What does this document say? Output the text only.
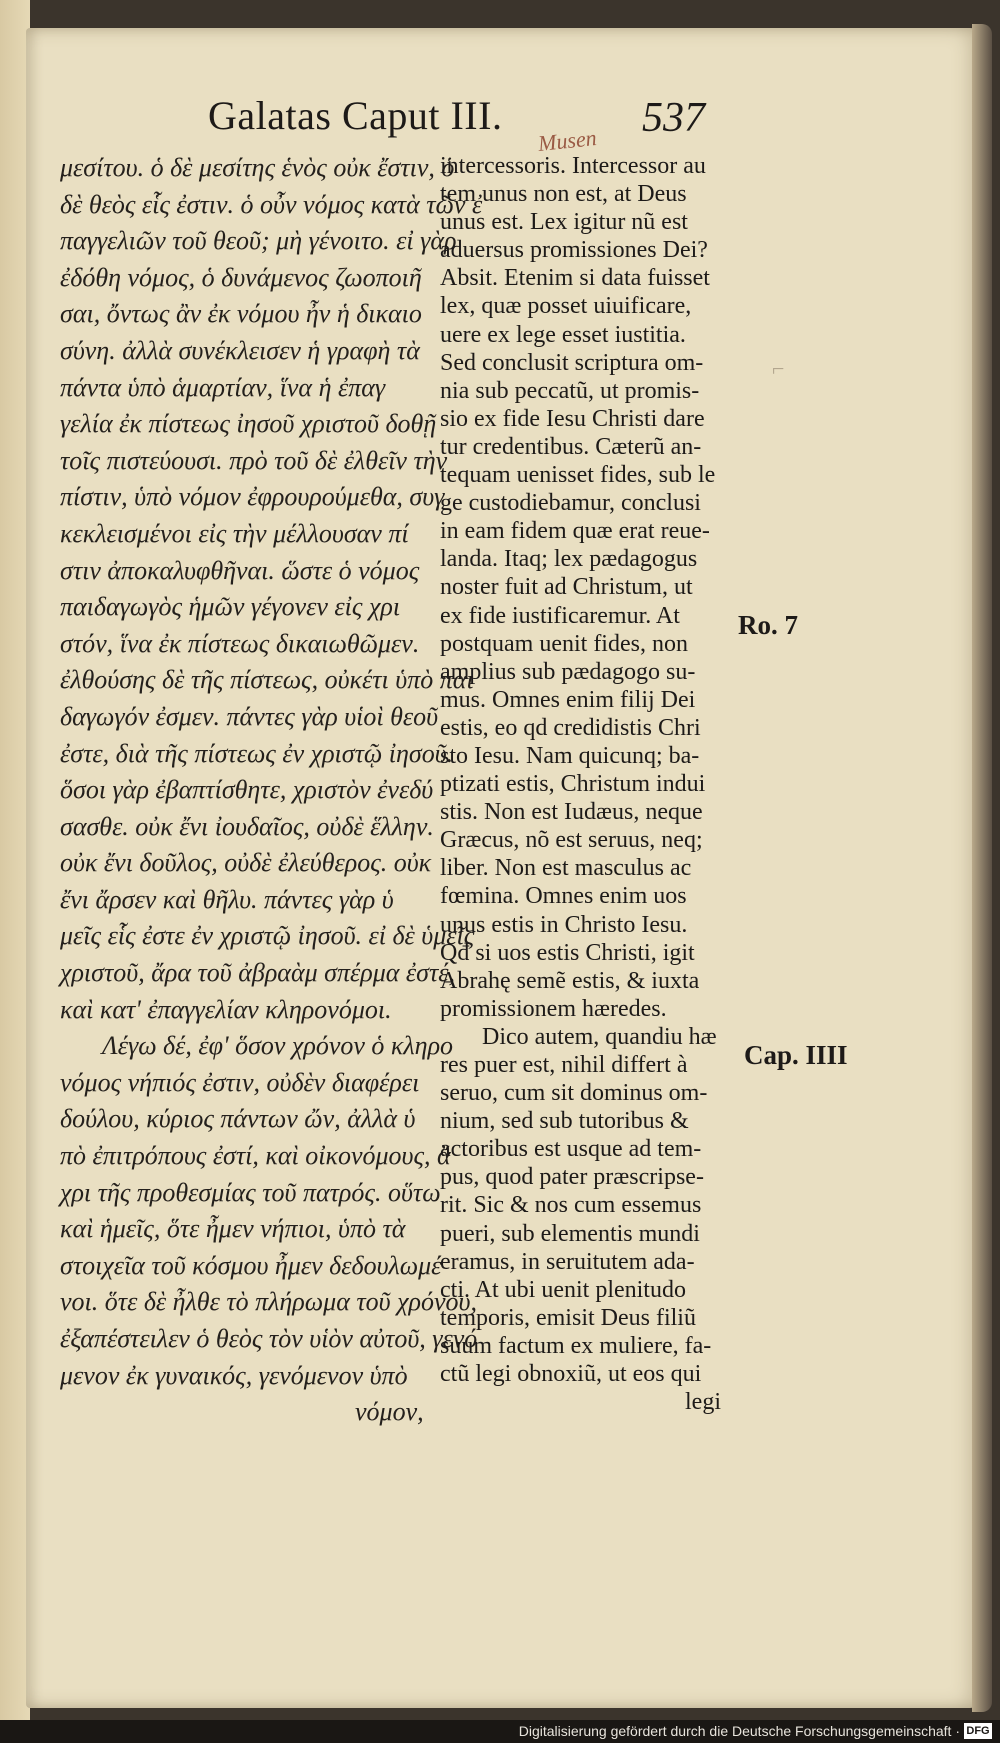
Galatas Caput III.	537
Musen
μεσίτου. ὁ δὲ μεσίτης ἑνὸς οὐκ ἔστιν, ὁ
δὲ θεὸς εἷς ἐστιν. ὁ οὖν νόμος κατὰ τῶν ἐ
παγγελιῶν τοῦ θεοῦ; μὴ γένοιτο. εἰ γὰρ
ἐδόθη νόμος, ὁ δυνάμενος ζωοποιῆ
σαι, ὄντως ἂν ἐκ νόμου ἦν ἡ δικαιο
σύνη. ἀλλὰ συνέκλεισεν ἡ γραφὴ τὰ
πάντα ὑπὸ ἁμαρτίαν, ἵνα ἡ ἐπαγ
γελία ἐκ πίστεως ἰησοῦ χριστοῦ δοθῇ
τοῖς πιστεύουσι. πρὸ τοῦ δὲ ἐλθεῖν τὴν
πίστιν, ὑπὸ νόμον ἐφρουρούμεθα, συγ
κεκλεισμένοι εἰς τὴν μέλλουσαν πί
στιν ἀποκαλυφθῆναι. ὥστε ὁ νόμος
παιδαγωγὸς ἡμῶν γέγονεν εἰς χρι
στόν, ἵνα ἐκ πίστεως δικαιωθῶμεν.
ἐλθούσης δὲ τῆς πίστεως, οὐκέτι ὑπὸ παι
δαγωγόν ἐσμεν. πάντες γὰρ υἱοὶ θεοῦ
ἐστε, διὰ τῆς πίστεως ἐν χριστῷ ἰησοῦ.
ὅσοι γὰρ ἐβαπτίσθητε, χριστὸν ἐνεδύ
σασθε. οὐκ ἔνι ἰουδαῖος, οὐδὲ ἕλλην.
οὐκ ἔνι δοῦλος, οὐδὲ ἐλεύθερος. οὐκ
ἔνι ἄρσεν καὶ θῆλυ. πάντες γὰρ ὑ
μεῖς εἷς ἐστε ἐν χριστῷ ἰησοῦ. εἰ δὲ ὑμεῖς
χριστοῦ, ἄρα τοῦ ἀβραὰμ σπέρμα ἐστέ,
καὶ κατ' ἐπαγγελίαν κληρονόμοι.
Λέγω δέ, ἐφ' ὅσον χρόνον ὁ κληρο
νόμος νήπιός ἐστιν, οὐδὲν διαφέρει
δούλου, κύριος πάντων ὤν, ἀλλὰ ὑ
πὸ ἐπιτρόπους ἐστί, καὶ οἰκονόμους, ἄ
χρι τῆς προθεσμίας τοῦ πατρός. οὕτω
καὶ ἡμεῖς, ὅτε ἦμεν νήπιοι, ὑπὸ τὰ
στοιχεῖα τοῦ κόσμου ἦμεν δεδουλωμέ
νοι. ὅτε δὲ ἦλθε τὸ πλήρωμα τοῦ χρόνου,
ἐξαπέστειλεν ὁ θεὸς τὸν υἱὸν αὐτοῦ, γενό
μενον ἐκ γυναικός, γενόμενον ὑπὸ
νόμον,
intercessoris. Intercessor au
tem unus non est, at Deus
unus est. Lex igitur nũ est
aduersus promissiones Dei?
Absit. Etenim si data fuisset
lex, quæ posset uiuificare,
uere ex lege esset iustitia.
Sed conclusit scriptura om-
nia sub peccatũ, ut promis-
sio ex fide Iesu Christi dare
tur credentibus. Cæterũ an-
tequam uenisset fides, sub le
ge custodiebamur, conclusi
in eam fidem quæ erat reue-
landa. Itaq; lex pædagogus
noster fuit ad Christum, ut
ex fide iustificaremur. At
postquam uenit fides, non
amplius sub pædagogo su-
mus. Omnes enim filij Dei
estis, eo qd credidistis Chri
sto Iesu. Nam quicunq; ba-
ptizati estis, Christum indui
stis. Non est Iudæus, neque
Græcus, nõ est seruus, neq;
liber. Non est masculus ac
fœmina. Omnes enim uos
unus estis in Christo Iesu.
Qđ si uos estis Christi, igit
Abrahę semẽ estis, & iuxta
promissionem hæredes.
Dico autem, quandiu hæ
res puer est, nihil differt à
seruo, cum sit dominus om-
nium, sed sub tutoribus &
actoribus est usque ad tem-
pus, quod pater præscripse-
rit. Sic & nos cum essemus
pueri, sub elementis mundi
eramus, in seruitutem ada-
cti. At ubi uenit plenitudo
temporis, emisit Deus filiũ
suum factum ex muliere, fa-
ctũ legi obnoxiũ, ut eos qui
legi
⌐
Ro. 7
Cap. IIII
Digitalisierung gefördert durch die Deutsche Forschungsgemeinschaft · DFG
